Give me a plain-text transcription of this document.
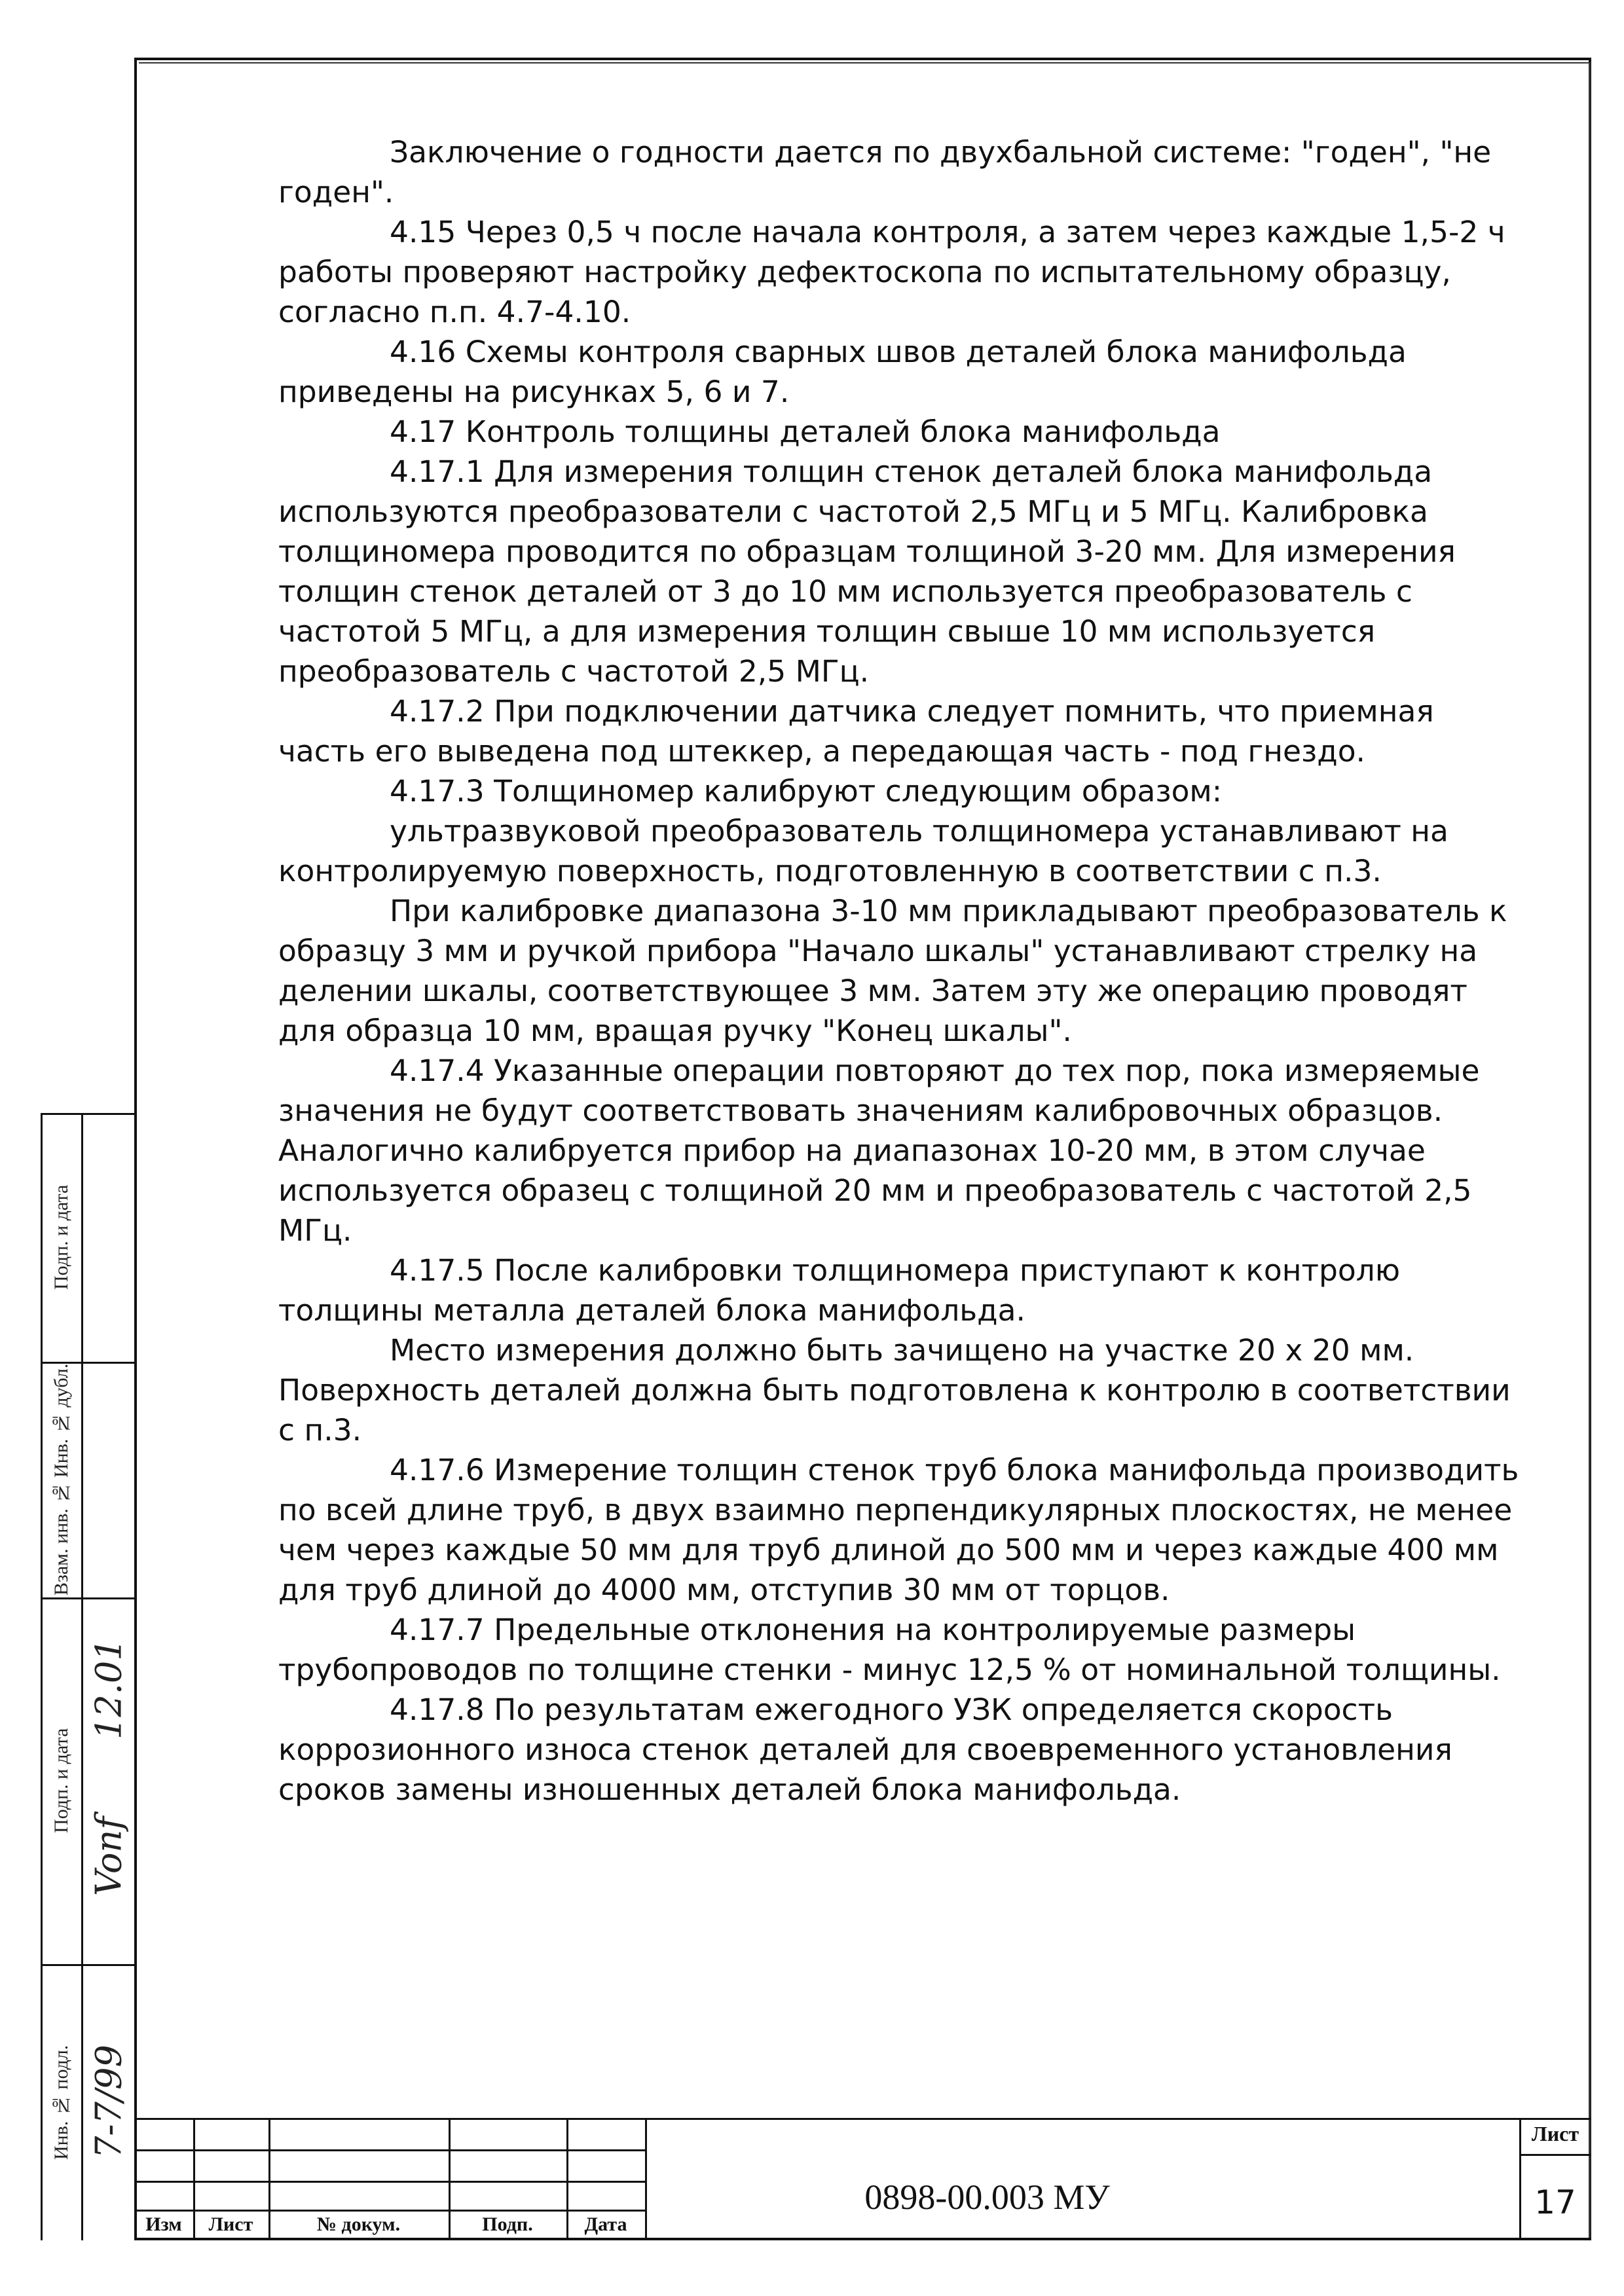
Заключение о годности дается по двухбальной системе: "годен", "не годен".

4.15 Через 0,5 ч после начала контроля, а затем через каждые 1,5-2 ч работы проверяют настройку дефектоскопа по испытательному образцу, согласно п.п. 4.7-4.10.

4.16 Схемы контроля сварных швов деталей блока манифольда приведены на рисунках 5, 6 и 7.

4.17 Контроль толщины деталей блока манифольда

4.17.1 Для измерения толщин стенок деталей блока манифольда используются преобразователи с частотой 2,5 МГц и 5 МГц. Калибровка толщиномера проводится по образцам толщиной 3-20 мм. Для измерения толщин стенок деталей от 3 до 10 мм используется преобразователь с частотой 5 МГц, а для измерения толщин свыше 10 мм используется преобразователь с частотой 2,5 МГц.

4.17.2 При подключении датчика следует помнить, что приемная часть его выведена под штеккер, а передающая часть - под гнездо.

4.17.3 Толщиномер калибруют следующим образом:

ультразвуковой преобразователь толщиномера устанавливают на контролируемую поверхность, подготовленную в соответствии с п.3.

При калибровке диапазона 3-10 мм прикладывают преобразователь к образцу 3 мм и ручкой прибора "Начало шкалы" устанавливают стрелку на делении шкалы, соответствующее 3 мм. Затем эту же операцию проводят для образца 10 мм, вращая ручку "Конец шкалы".

4.17.4 Указанные операции повторяют до тех пор, пока измеряемые значения не будут соответствовать значениям калибровочных образцов. Аналогично калибруется прибор на диапазонах 10-20 мм, в этом случае используется образец с толщиной 20 мм и преобразователь с частотой 2,5 МГц.

4.17.5 После калибровки толщиномера приступают к контролю толщины металла деталей блока манифольда.

Место измерения должно быть зачищено на участке 20 х 20 мм. Поверхность деталей должна быть подготовлена к контролю в соответствии с п.3.

4.17.6 Измерение толщин стенок труб блока манифольда производить по всей длине труб, в двух взаимно перпендикулярных плоскостях, не менее чем через каждые 50 мм для труб длиной до 500 мм и через каждые 400 мм для труб длиной до 4000 мм, отступив 30 мм от торцов.

4.17.7 Предельные отклонения на контролируемые размеры трубопроводов по толщине стенки - минус 12,5 % от номинальной толщины.

4.17.8 По результатам ежегодного УЗК определяется скорость коррозионного износа стенок деталей для своевременного установления сроков замены изношенных деталей блока манифольда.

Подп. и дата
Инв. № дубл.
Взам. инв. №
Подп. и дата
Инв. № подл.
12.01
Vonf
7-7/99
Изм	Лист	№ докум.	Подп.	Дата
0898-00.003 МУ
Лист
17
